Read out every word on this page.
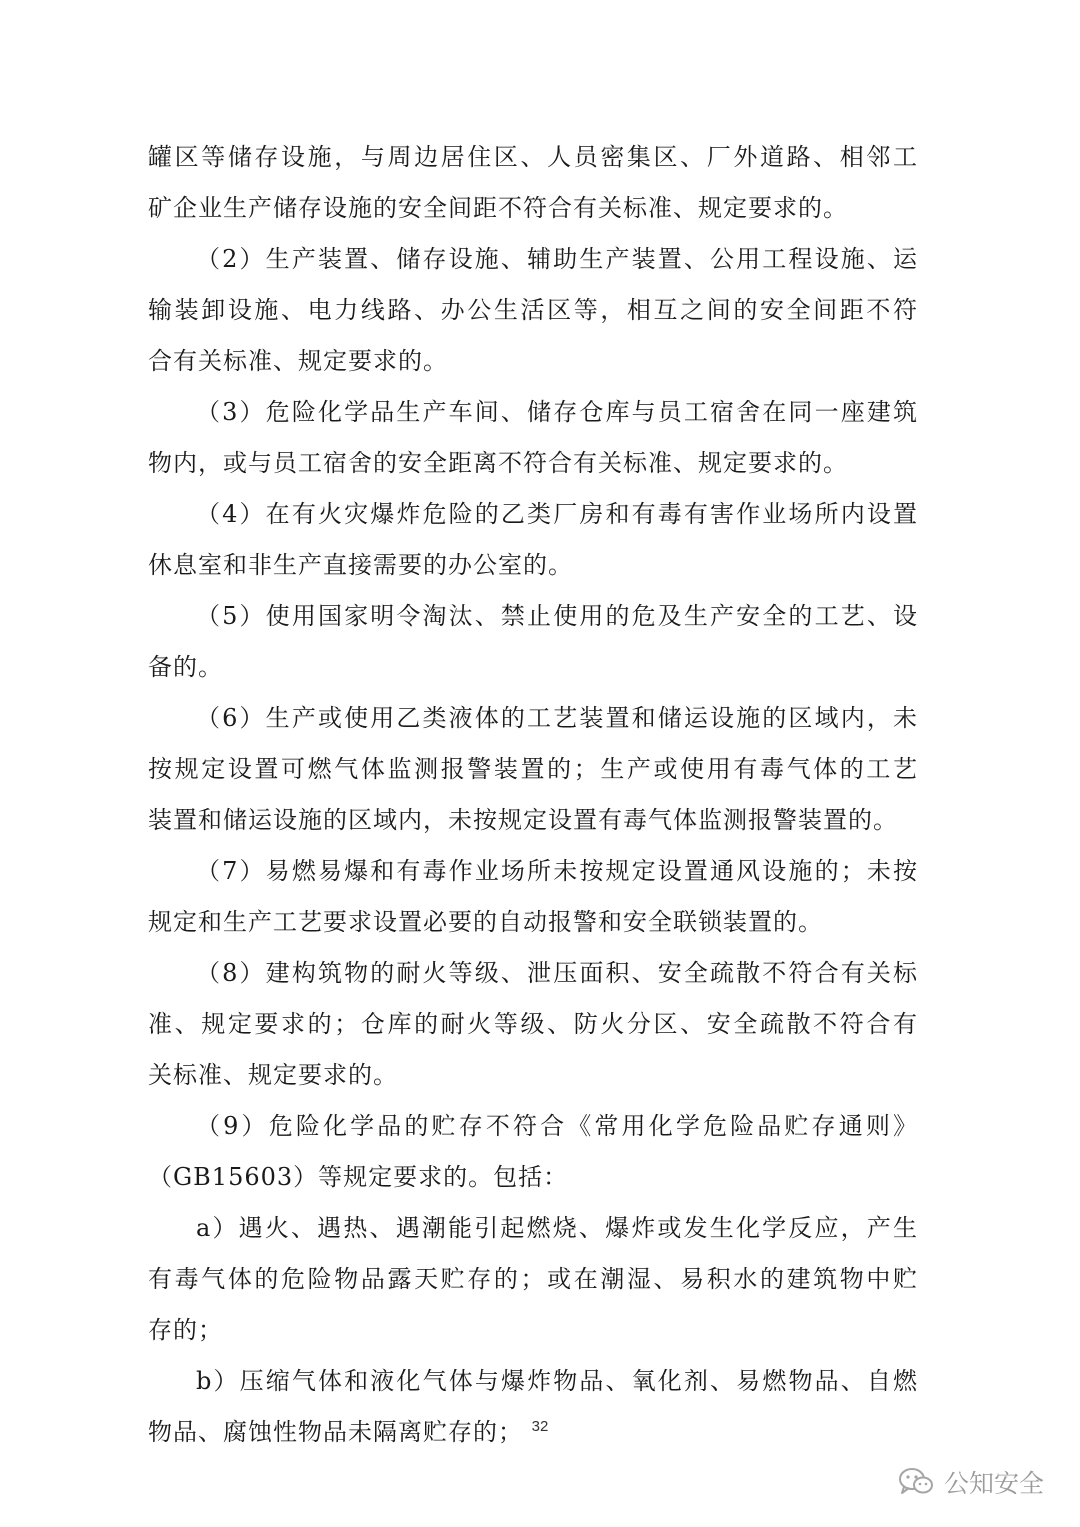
罐区等储存设施，与周边居住区、人员密集区、厂外道路、相邻工
矿企业生产储存设施的安全间距不符合有关标准、规定要求的。
（2）生产装置、储存设施、辅助生产装置、公用工程设施、运
输装卸设施、电力线路、办公生活区等，相互之间的安全间距不符
合有关标准、规定要求的。
（3）危险化学品生产车间、储存仓库与员工宿舍在同一座建筑
物内，或与员工宿舍的安全距离不符合有关标准、规定要求的。
（4）在有火灾爆炸危险的乙类厂房和有毒有害作业场所内设置
休息室和非生产直接需要的办公室的。
（5）使用国家明令淘汰、禁止使用的危及生产安全的工艺、设
备的。
（6）生产或使用乙类液体的工艺装置和储运设施的区域内，未
按规定设置可燃气体监测报警装置的；生产或使用有毒气体的工艺
装置和储运设施的区域内，未按规定设置有毒气体监测报警装置的。
（7）易燃易爆和有毒作业场所未按规定设置通风设施的；未按
规定和生产工艺要求设置必要的自动报警和安全联锁装置的。
（8）建构筑物的耐火等级、泄压面积、安全疏散不符合有关标
准、规定要求的；仓库的耐火等级、防火分区、安全疏散不符合有
关标准、规定要求的。
（9）危险化学品的贮存不符合《常用化学危险品贮存通则》
（GB15603）等规定要求的。包括：
a）遇火、遇热、遇潮能引起燃烧、爆炸或发生化学反应，产生
有毒气体的危险物品露天贮存的；或在潮湿、易积水的建筑物中贮
存的；
b）压缩气体和液化气体与爆炸物品、氧化剂、易燃物品、自燃
物品、腐蚀性物品未隔离贮存的； 32
公知安全
